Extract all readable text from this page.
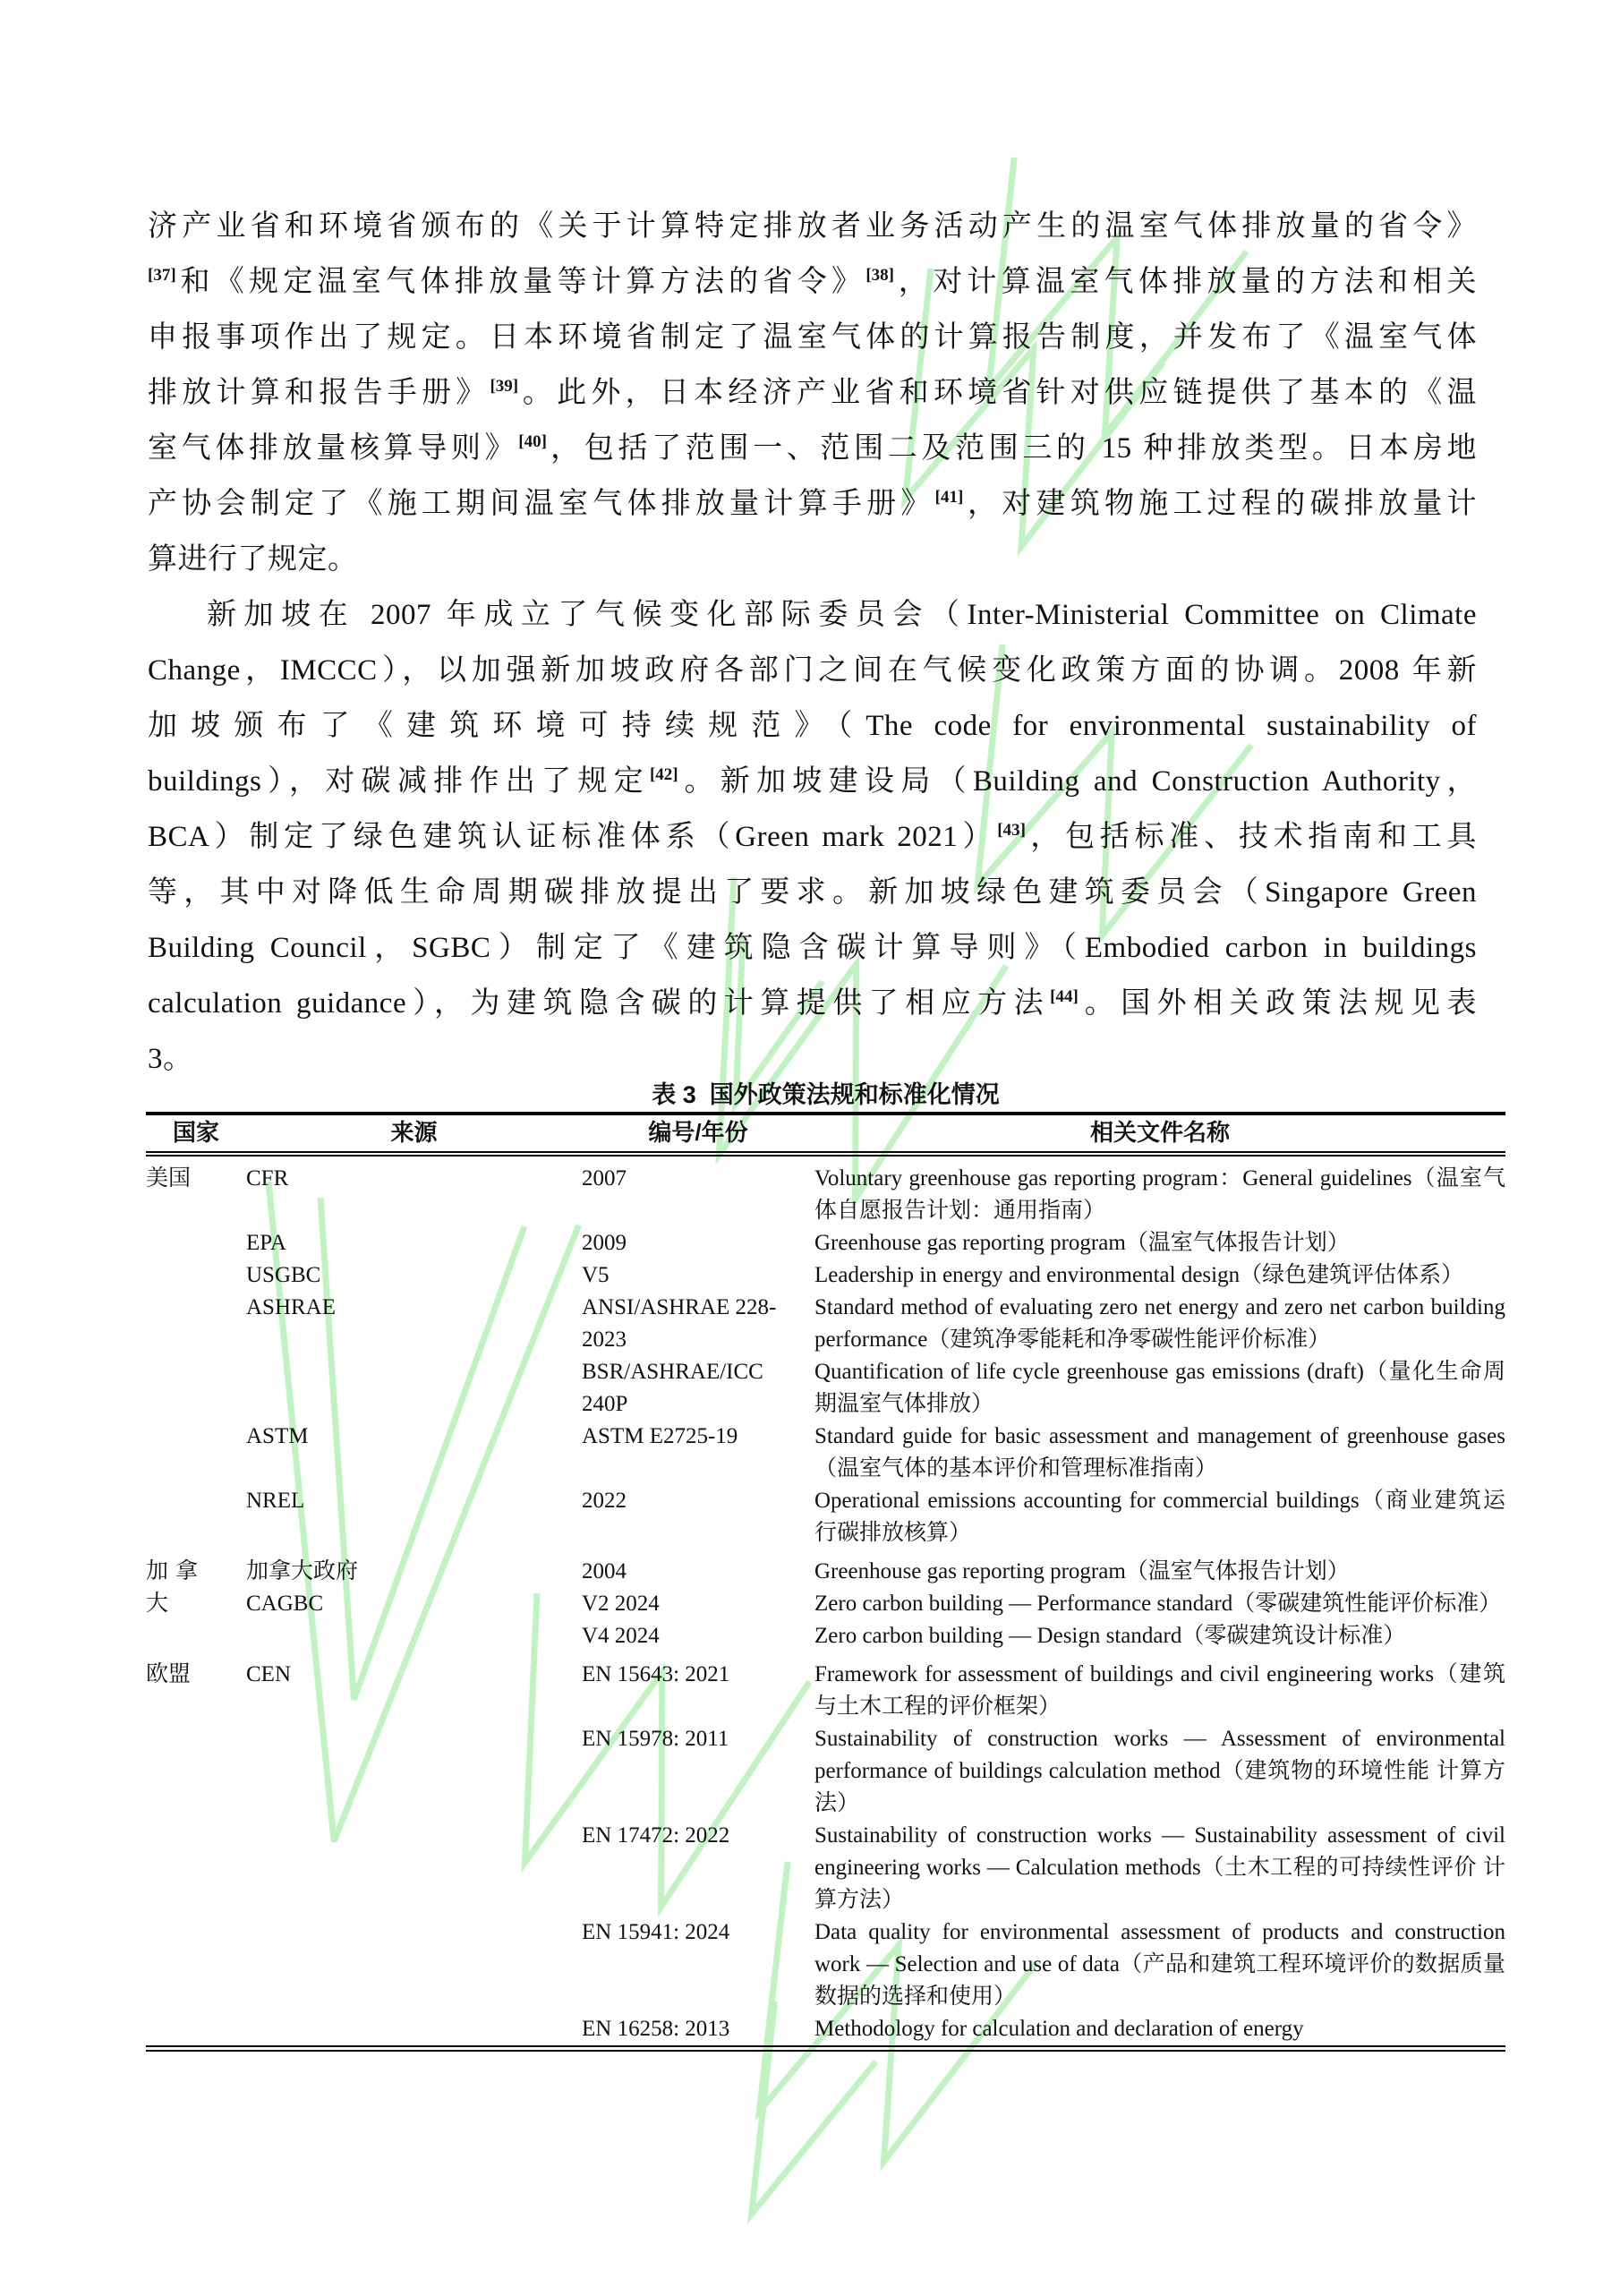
济产业省和环境省颁布的《关于计算特定排放者业务活动产生的温室气体排放量的省令》
[37]和《规定温室气体排放量等计算方法的省令》[38]，对计算温室气体排放量的方法和相关
申报事项作出了规定。日本环境省制定了温室气体的计算报告制度，并发布了《温室气体
排放计算和报告手册》[39]。此外，日本经济产业省和环境省针对供应链提供了基本的《温
室气体排放量核算导则》[40]，包括了范围一、范围二及范围三的 15 种排放类型。日本房地
产协会制定了《施工期间温室气体排放量计算手册》[41]，对建筑物施工过程的碳排放量计
算进行了规定。
新加坡在 2007 年成立了气候变化部际委员会（Inter-Ministerial Committee on Climate
Change，IMCCC），以加强新加坡政府各部门之间在气候变化政策方面的协调。2008 年新
加坡颁布了《建筑环境可持续规范》（The code for environmental sustainability of
buildings），对碳减排作出了规定[42]。新加坡建设局（Building and Construction Authority，
BCA）制定了绿色建筑认证标准体系（Green mark 2021）[43]，包括标准、技术指南和工具
等，其中对降低生命周期碳排放提出了要求。新加坡绿色建筑委员会（Singapore Green
Building Council，SGBC）制定了《建筑隐含碳计算导则》（Embodied carbon in buildings
calculation guidance），为建筑隐含碳的计算提供了相应方法[44]。国外相关政策法规见表
3。
表 3  国外政策法规和标准化情况
国家	来源	编号/年份	相关文件名称

美国	CFR	2007	Voluntary greenhouse gas reporting program：General guidelines（温室气体自愿报告计划：通用指南）
	EPA	2009	Greenhouse gas reporting program（温室气体报告计划）
	USGBC	V5	Leadership in energy and environmental design（绿色建筑评估体系）
	ASHRAE	ANSI/ASHRAE 228-2023	Standard method of evaluating zero net energy and zero net carbon building performance（建筑净零能耗和净零碳性能评价标准）
		BSR/ASHRAE/ICC 240P	Quantification of life cycle greenhouse gas emissions (draft)（量化生命周期温室气体排放）
	ASTM	ASTM E2725-19	Standard guide for basic assessment and management of greenhouse gases（温室气体的基本评价和管理标准指南）
	NREL	2022	Operational emissions accounting for commercial buildings（商业建筑运行碳排放核算）

加拿大	加拿大政府	2004	Greenhouse gas reporting program（温室气体报告计划）
	CAGBC	V2 2024	Zero carbon building — Performance standard（零碳建筑性能评价标准）
		V4 2024	Zero carbon building — Design standard（零碳建筑设计标准）

欧盟	CEN	EN 15643: 2021	Framework for assessment of buildings and civil engineering works（建筑与土木工程的评价框架）
		EN 15978: 2011	Sustainability of construction works — Assessment of environmental performance of buildings calculation method（建筑物的环境性能 计算方法）
		EN 17472: 2022	Sustainability of construction works — Sustainability assessment of civil engineering works — Calculation methods（土木工程的可持续性评价 计算方法）
		EN 15941: 2024	Data quality for environmental assessment of products and construction work — Selection and use of data（产品和建筑工程环境评价的数据质量 数据的选择和使用）
		EN 16258: 2013	Methodology for calculation and declaration of energy
